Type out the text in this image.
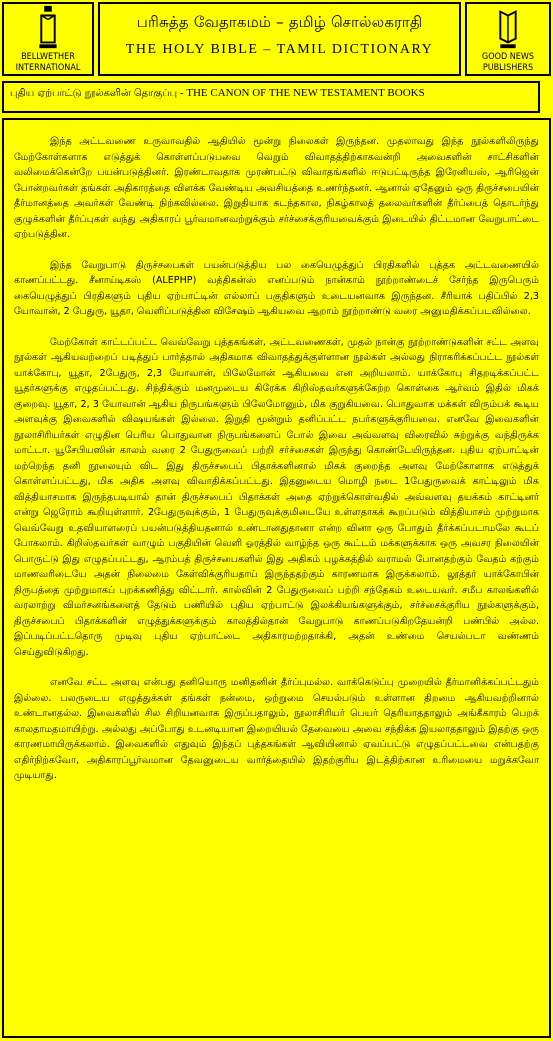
BELLWETHER INTERNATIONAL
பரிசுத்த வேதாகமம் – தமிழ் சொல்லகராதி
THE HOLY BIBLE – TAMIL DICTIONARY	GOOD NEWS PUBLISHERS
புதிய ஏற்பாட்டு நூல்களின் தொகுப்பு - THE CANON OF THE NEW TESTAMENT BOOKS

இந்த அட்டவணை உருவாவதில் ஆதியில் மூன்று நிலைகள் இருந்தன. முதலாவது இந்த நூல்களிலிருந்து மேற்கோள்களாக எடுத்துக் கொள்ளப்படுபவை வெறும் விவாதத்திற்காகவன்றி அவைகளின் சாட்சிகளின் வலிமைக்கென்றே பயன்படுத்தினர். இரண்டாவதாக முரண்பட்டு விவாதங்களில் ஈடுபட்டிருந்த இரேனியஸ், ஆரிஜென் போன்றவர்கள் தங்கள் அதிகாரத்தை விளக்க வேண்டிய அவசியத்தை உணர்ந்தனர். ஆனால் ஏதேனும் ஒரு திருச்சபையின் தீர்மானத்தை அவர்கள் வேண்டி நிற்கவில்லை. இறுதியாக கடந்தகால, நிகழ்காலத் தலைவர்களின் தீர்ப்பைத் தொடர்ந்து குழுக்களின் தீர்ப்புகள் வந்து அதிகாரப் பூர்வமானவற்றுக்கும் சர்ச்சைக்குரியவைக்கும் இடையில் திட்டமான வேறுபாட்டை ஏற்படுத்தின.

இந்த வேறுபாடு திருச்சபைகள் பயன்படுத்திய பல கையெழுத்துப் பிரதிகளில் புத்தக அட்டவணையில் காணப்பட்டது. சீனாய்டிகஸ் (ALEPHP) வத்திகன்ஸ் எனப்படும் நான்காம் நூற்றாண்டைச் சேர்ந்த இருபெரும் கையெழுத்துப் பிரதிகளும் புதிய ஏற்பாட்டின் எல்லாப் பகுதிகளும் உடையனவாக இருந்தன. சீரியாக் பதிப்பில் 2,3 யோவான், 2 பேதுரு, யூதா, வெளிப்படுத்தின விசேஷம் ஆகியவை ஆறாம் நூற்றாண்டு வரை அனுமதிக்கப்படவில்லை.

மேற்கோள் காட்டப்பட்ட வெவ்வேறு புத்தகங்கள், அட்டவணைகள், முதல் நான்கு நூற்றாண்டுகளின் சட்ட அளவு நூல்கள் ஆகியவற்றைப் படித்துப் பார்த்தால் அதிகமாக விவாதத்துக்குள்ளான நூல்கள் அல்லது நிராகரிக்கப்பட்ட நூல்கள் யாக்கோபு, யூதா, 2பேதுரு, 2,3 யோவான், பிலேமோன் ஆகியவை என அறியலாம். யாக்கோபு சிதறடிக்கப்பட்ட யூதர்களுக்கு எழுதப்பட்டது. சிந்திக்கும் மனமுடைய கிரேக்க கிறிஸ்தவர்களுக்கேற்ற கொள்கை ஆர்வம் இதில் மிகக் குறைவு. யூதா, 2, 3 யோவான் ஆகிய நிருபங்களும் பிலேமோனும், மிக குறுகியவை. பொதுவாக மக்கள் விரும்பக் கூடிய அளவுக்கு இவைகளில் விஷயங்கள் இல்லை. இறுதி மூன்றும் தனிப்பட்ட நபர்களுக்குரியவை. எனவே இவைகளின் நூலாசிரியர்கள் எழுதின பெரிய பொதுவான நிருபங்களைப் போல் இவை அவ்வளவு விரைவில் சுற்றுக்கு வந்திருக்க மாட்டா. யூசேபியஸின் காலம் வரை 2 பேதுருவைப் பற்றி சர்ச்சைகள் இருந்து கொண்டேயிருந்தன. புதிய ஏற்பாட்டின் மற்றெந்த தனி நூலையும் விட இது திருச்சபைப் பிதாக்களினால் மிகக் குறைந்த அளவு மேற்கோளாக எடுத்துக் கொள்ளப்பட்டது, மிக அதிக அளவு விவாதிக்கப்பட்டது. இதனுடைய மொழி நடை 1பேதுருவைக் காட்டிலும் மிக வித்தியாசமாக இருந்தபடியால் தான் திருச்சபைப் பிதாக்கள் அதை ஏற்றுக்கொள்வதில் அவ்வளவு தயக்கம் காட்டினர் என்று ஜெரோம் கூறியுள்ளார். 2பேதுருவுக்கும், 1 பேதுருவுக்குமிடையே உள்ளதாகக் கூறப்படும் வித்தியாசம் முற்றுமாக வெவ்வேறு உதவியாளரைப் பயன்படுத்தியதனால் உண்டானதுதானா என்ற வினா ஒரு போதும் தீர்க்கப்படாமலே கூடப் போகலாம். கிறிஸ்தவர்கள் வாழும் பகுதியின் வெளி ஓரத்தில் வாழ்ந்த ஒரு கூட்டம் மக்களுக்காக ஒரு அவசர நிலையின் பொருட்டு இது எழுதப்பட்டது, ஆரம்பத் திருச்சபைகளில் இது அதிகம் புழக்கத்தில் வராமல் போனதற்கும் வேதம் கற்கும் மாணவரிடையே அதன் நிலைமை கேள்விக்குரியதாய் இருந்ததற்கும் காரணமாக இருக்கலாம். லூத்தர் யாக்கோபின் நிருபத்தை முற்றுமாகப் புறக்கணித்து விட்டார். கால்வின் 2 பேதுருவைப் பற்றி சந்தேகம் உடையவர். சமீப காலங்களில் வரலாற்று விமர்சனங்களைத் தேடும் பணியில் புதிய ஏற்பாட்டு இலக்கியங்களுக்கும், சர்ச்சைக்குரிய நூல்களுக்கும், திருச்சபைப் பிதாக்களின் எழுத்துக்களுக்கும் காலத்தில்தான் வேறுபாடு காணப்படுகிறதேயன்றி பண்பில் அல்ல. இப்படிப்பட்டதொரு முடிவு புதிய ஏற்பாட்டை அதிகாரமற்றதாக்கி, அதன் உண்மை செயல்படா வண்ணம் செய்துவிடுகிறது.

எனவே சட்ட அளவு என்பது தனியொரு மனிதனின் தீர்ப்புமல்ல. வாக்கெடுப்பு முறையில் தீர்மானிக்கப்பட்டதும் இல்லை. பலருடைய எழுத்துக்கள் தங்கள் நன்மை, ஒற்றுமை செயல்படும் உள்ளான திறமை ஆகியவற்றினால் உண்டானதல்ல. இவைகளில் சில சிறியனவாக இருப்பதாலும், நூலாசிரியர் பெயர் தெரியாததாலும் அங்கீகாரம் பெறக் காலதாமதமாயிற்று. அல்லது அப்போது உடனடியான இறையியல் தேவையை அவை சந்திக்க இயலாததாலும் இதற்கு ஒரு காரணமாயிருக்கலாம். இவைகளில் எதுவும் இந்தப் புத்தகங்கள் ஆவியினால் ஏவப்பட்டு எழுதப்பட்டவை என்பதற்கு எதிர்நிற்கவோ, அதிகாரப்பூர்வமான தேவனுடைய வார்த்தையில் இதற்குரிய இடத்திற்கான உரிமையை மறுக்கவோ முடியாது.
